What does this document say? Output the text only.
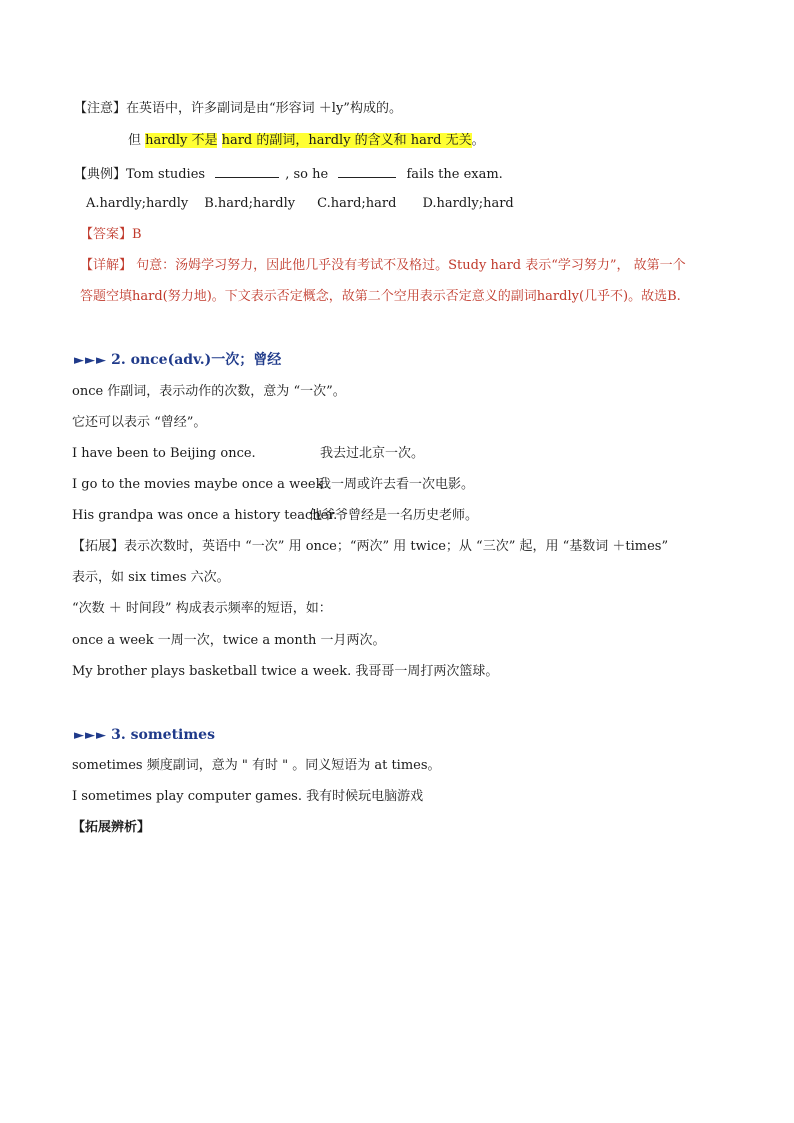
【注意】在英语中，许多副词是由“形容词 ＋ly”构成的。
但 hardly 不是 hard 的副词，hardly 的含义和 hard 无关。
【典例】Tom studies	, so he	fails the exam.
A.hardly;hardly B.hard;hardly C.hard;hard D.hardly;hard
【答案】B
【详解】 句意：汤姆学习努力，因此他几乎没有考试不及格过。Study hard 表示“学习努力”， 故第一个
答题空填hard(努力地)。下文表示否定概念，故第二个空用表示否定意义的副词hardly(几乎不)。故选B.
►►► 2. once(adv.)一次；曾经
once 作副词，表示动作的次数，意为 “一次”。
它还可以表示 “曾经”。
I have been to Beijing once.	我去过北京一次。
I go to the movies maybe once a week.
我一周或许去看一次电影。
His grandpa was once a history teacher.
他爷爷曾经是一名历史老师。
【拓展】表示次数时，英语中 “一次” 用 once；“两次” 用 twice；从 “三次” 起，用 “基数词 ＋times”
表示，如 six times 六次。
“次数 ＋ 时间段” 构成表示频率的短语，如：
once a week 一周一次，twice a month 一月两次。
My brother plays basketball twice a week. 我哥哥一周打两次篮球。
►►► 3. sometimes
sometimes 频度副词，意为 " 有时 " 。同义短语为 at times。
I sometimes play computer games. 我有时候玩电脑游戏
【拓展辨析】
